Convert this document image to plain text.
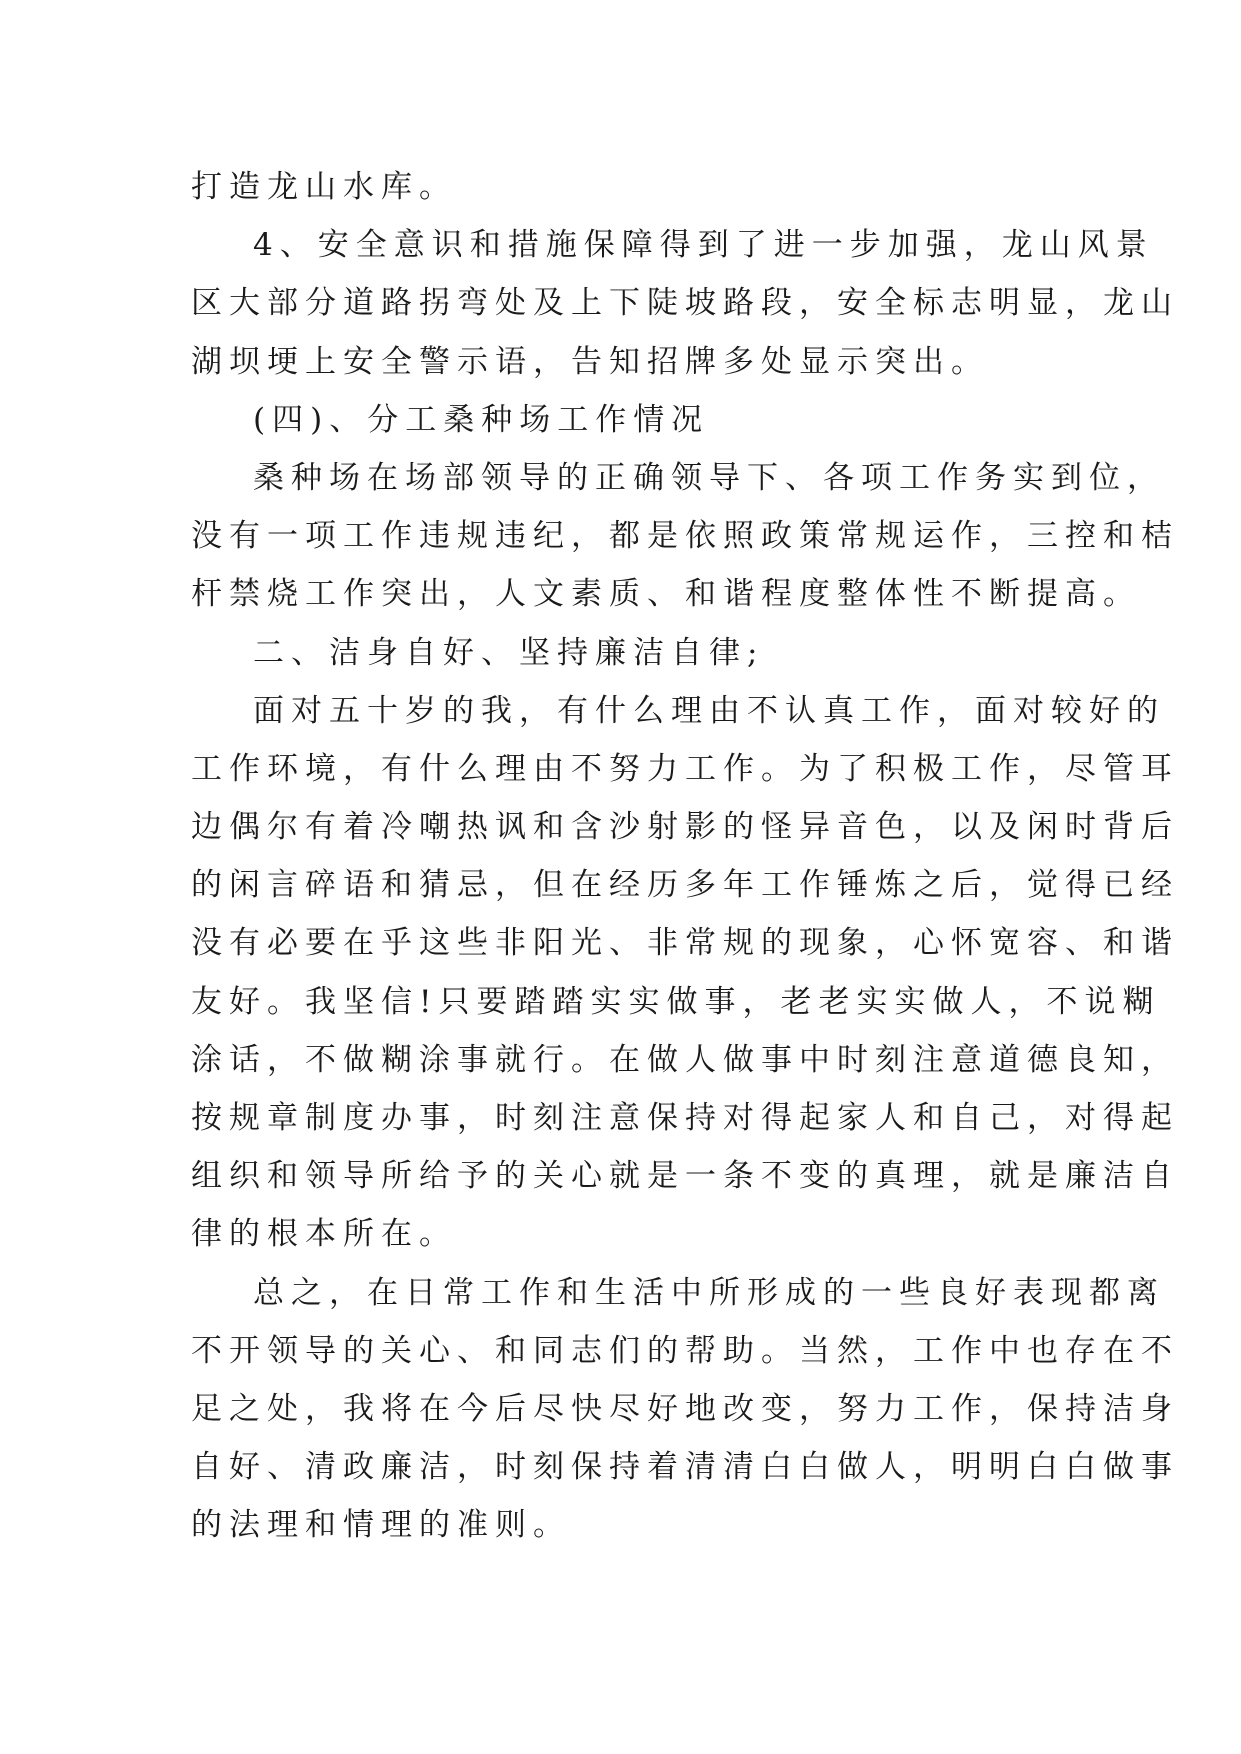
打造龙山水库。
4、安全意识和措施保障得到了进一步加强，龙山风景
区大部分道路拐弯处及上下陡坡路段，安全标志明显，龙山
湖坝埂上安全警示语，告知招牌多处显示突出。
(四)、分工桑种场工作情况
桑种场在场部领导的正确领导下、各项工作务实到位，
没有一项工作违规违纪，都是依照政策常规运作，三控和桔
杆禁烧工作突出，人文素质、和谐程度整体性不断提高。
二、洁身自好、坚持廉洁自律;
面对五十岁的我，有什么理由不认真工作，面对较好的
工作环境，有什么理由不努力工作。为了积极工作，尽管耳
边偶尔有着冷嘲热讽和含沙射影的怪异音色，以及闲时背后
的闲言碎语和猜忌，但在经历多年工作锤炼之后，觉得已经
没有必要在乎这些非阳光、非常规的现象，心怀宽容、和谐
友好。我坚信!只要踏踏实实做事，老老实实做人，不说糊
涂话，不做糊涂事就行。在做人做事中时刻注意道德良知，
按规章制度办事，时刻注意保持对得起家人和自己，对得起
组织和领导所给予的关心就是一条不变的真理，就是廉洁自
律的根本所在。
总之，在日常工作和生活中所形成的一些良好表现都离
不开领导的关心、和同志们的帮助。当然，工作中也存在不
足之处，我将在今后尽快尽好地改变，努力工作，保持洁身
自好、清政廉洁，时刻保持着清清白白做人，明明白白做事
的法理和情理的准则。
